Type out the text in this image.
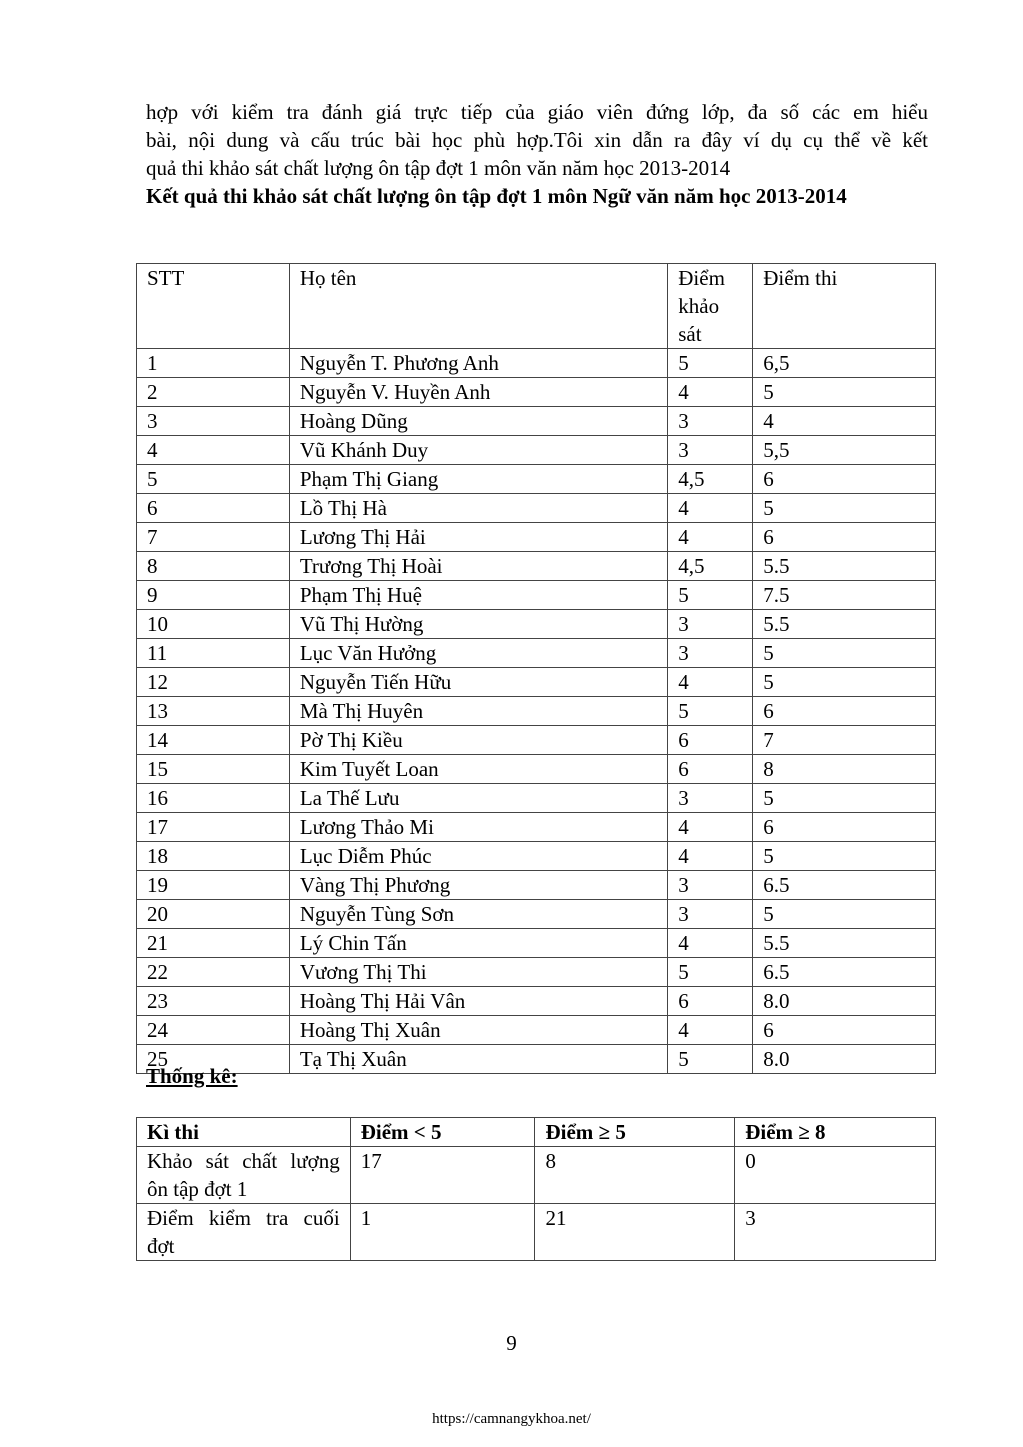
hợp với kiểm tra đánh giá trực tiếp của giáo viên đứng lớp, đa số các em hiểu

bài, nội dung và cấu trúc bài học phù hợp.Tôi xin dẫn ra đây ví dụ cụ thể về kết

quả thi khảo sát chất lượng ôn tập đợt 1 môn văn năm học 2013-2014

Kết quả thi khảo sát chất lượng ôn tập đợt 1 môn Ngữ văn năm học 2013-2014
STT	Họ tên	Điểm khảo sát	Điểm thi
1	Nguyễn T. Phương Anh	5	6,5
2	Nguyễn V. Huyền Anh	4	5
3	Hoàng Dũng	3	4
4	Vũ Khánh Duy	3	5,5
5	Phạm Thị Giang	4,5	6
6	Lồ Thị Hà	4	5
7	Lương Thị Hải	4	6
8	Trương Thị Hoài	4,5	5.5
9	Phạm Thị Huệ	5	7.5
10	Vũ Thị Hường	3	5.5
11	Lục Văn Hưởng	3	5
12	Nguyễn Tiến Hữu	4	5
13	Mà Thị Huyên	5	6
14	Pờ Thị Kiều	6	7
15	Kim Tuyết Loan	6	8
16	La Thế Lưu	3	5
17	Lương Thảo Mi	4	6
18	Lục Diễm Phúc	4	5
19	Vàng Thị Phương	3	6.5
20	Nguyễn Tùng Sơn	3	5
21	Lý Chin Tấn	4	5.5
22	Vương Thị Thi	5	6.5
23	Hoàng Thị Hải Vân	6	8.0
24	Hoàng Thị Xuân	4	6
25	Tạ Thị Xuân	5	8.0
Thống kê:
Kì thi	Điểm < 5	Điểm ≥ 5	Điểm ≥ 8

Khảo sát chất lượng
ôn tập đợt 1	17	8	0

Điểm kiểm tra cuối
đợt	1	21	3
9
https://camnangykhoa.net/
